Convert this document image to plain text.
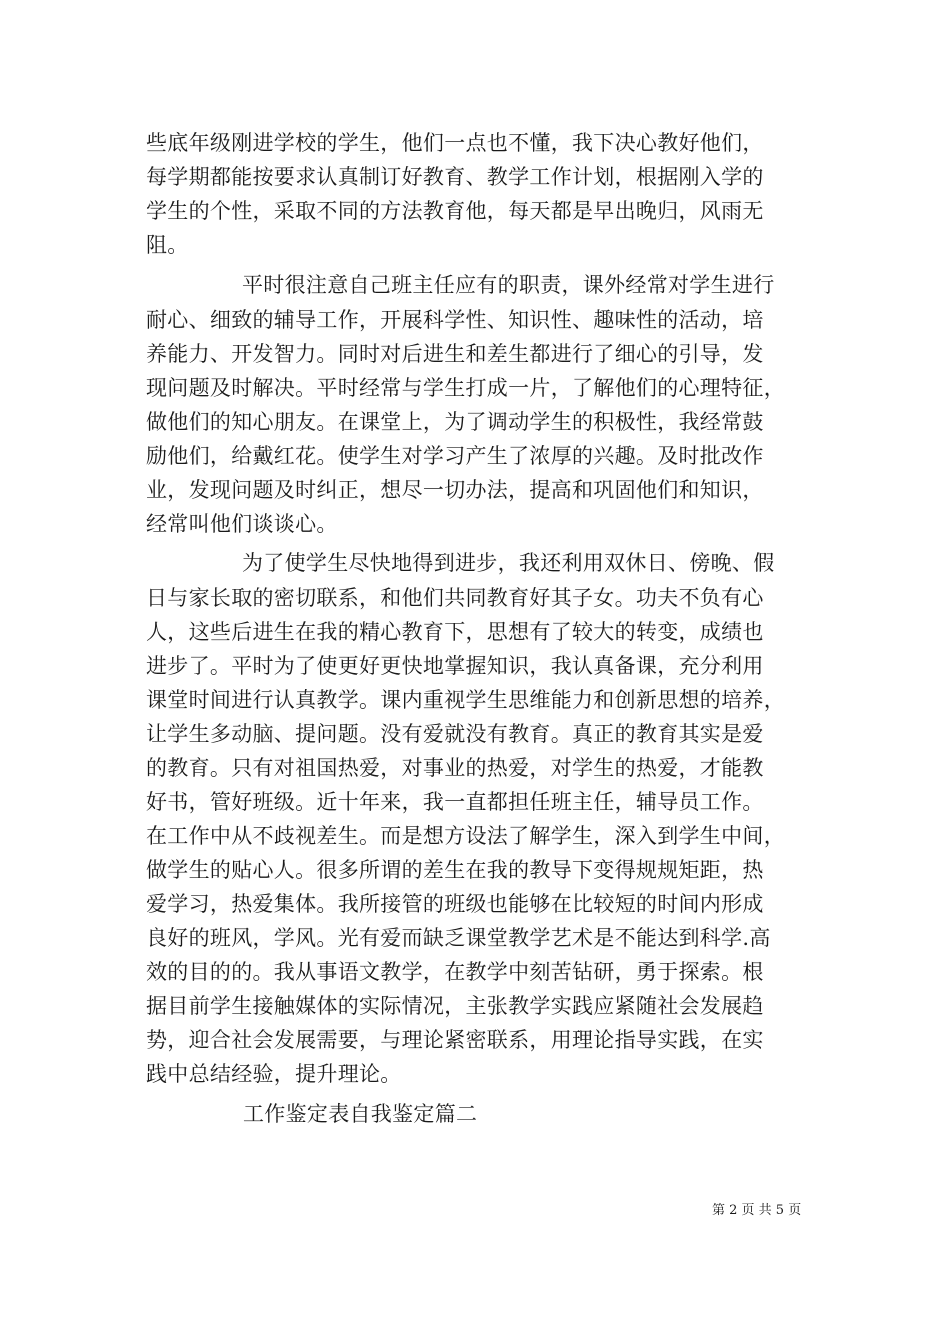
些底年级刚进学校的学生，他们一点也不懂，我下决心教好他们，
每学期都能按要求认真制订好教育、教学工作计划，根据刚入学的
学生的个性，采取不同的方法教育他，每天都是早出晚归，风雨无
阻。
平时很注意自己班主任应有的职责，课外经常对学生进行
耐心、细致的辅导工作，开展科学性、知识性、趣味性的活动，培
养能力、开发智力。同时对后进生和差生都进行了细心的引导，发
现问题及时解决。平时经常与学生打成一片，了解他们的心理特征，
做他们的知心朋友。在课堂上，为了调动学生的积极性，我经常鼓
励他们，给戴红花。使学生对学习产生了浓厚的兴趣。及时批改作
业，发现问题及时纠正，想尽一切办法，提高和巩固他们和知识，
经常叫他们谈谈心。
为了使学生尽快地得到进步，我还利用双休日、傍晚、假
日与家长取的密切联系，和他们共同教育好其子女。功夫不负有心
人，这些后进生在我的精心教育下，思想有了较大的转变，成绩也
进步了。平时为了使更好更快地掌握知识，我认真备课，充分利用
课堂时间进行认真教学。课内重视学生思维能力和创新思想的培养，
让学生多动脑、提问题。没有爱就没有教育。真正的教育其实是爱
的教育。只有对祖国热爱，对事业的热爱，对学生的热爱，才能教
好书，管好班级。近十年来，我一直都担任班主任，辅导员工作。
在工作中从不歧视差生。而是想方设法了解学生，深入到学生中间，
做学生的贴心人。很多所谓的差生在我的教导下变得规规矩距，热
爱学习，热爱集体。我所接管的班级也能够在比较短的时间内形成
良好的班风，学风。光有爱而缺乏课堂教学艺术是不能达到科学.高
效的目的的。我从事语文教学，在教学中刻苦钻研，勇于探索。根
据目前学生接触媒体的实际情况，主张教学实践应紧随社会发展趋
势，迎合社会发展需要，与理论紧密联系，用理论指导实践，在实
践中总结经验，提升理论。
工作鉴定表自我鉴定篇二
第 2 页 共 5 页
